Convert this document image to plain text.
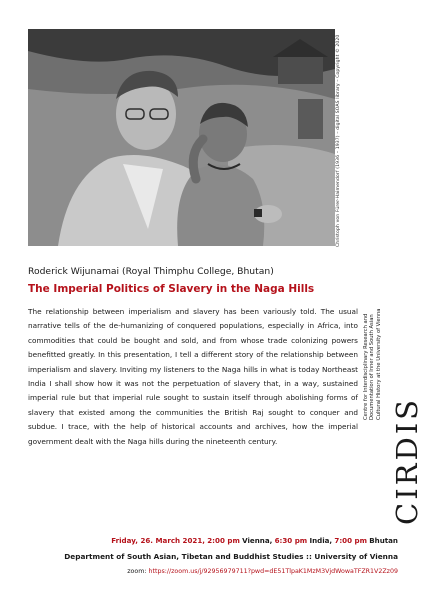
Christoph von Fürer-Haimendorf (1936 – 1937) – digital SOAS library – Copyright © 2020
Roderick Wijunamai (Royal Thimphu College, Bhutan)
The Imperial Politics of Slavery in the Naga Hills
The relationship between imperialism and slavery has been variously told. The usual narrative tells of the de-humanizing of conquered populations, especially in Africa, into commodities that could be bought and sold, and from whose trade colonizing powers benefitted greatly. In this presentation, I tell a different story of the relationship between imperialism and slavery. Inviting my listeners to the Naga hills in what is today Northeast India I shall show how it was not the perpetuation of slavery that, in a way, sustained imperial rule but that imperial rule sought to sustain itself through abolishing forms of slavery that existed among the communities the British Raj sought to conquer and subdue. I trace, with the help of historical accounts and archives, how the imperial government dealt with the Naga hills during the nineteenth century.
Centre for Interdisciplinary Research and Documentation of Inner and South Asian Cultural History at the University of Vienna
CIRDIS
Friday, 26. March 2021, 2:00 pm Vienna, 6:30 pm India, 7:00 pm Bhutan
Department of South Asian, Tibetan and Buddhist Studies :: University of Vienna
zoom: https://zoom.us/j/92956979711?pwd=dE51TlpaK1MzM3VjdWowaTFZR1V2Zz09
